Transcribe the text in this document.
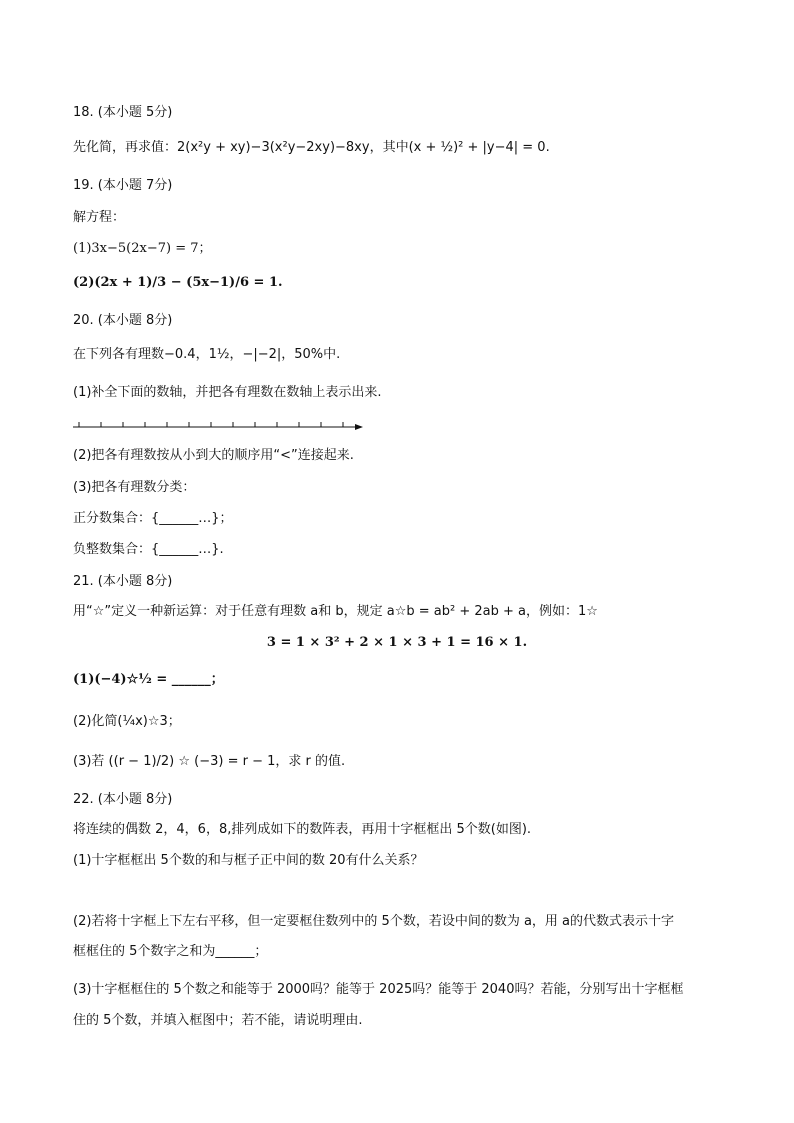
18. (本小题 5分)
先化简，再求值：2(x²y + xy)−3(x²y−2xy)−8xy，其中(x + ½)² + |y−4| = 0.
19. (本小题 7分)
解方程：
(1)3x−5(2x−7) = 7；
(2)(2x + 1)/3 − (5x−1)/6 = 1.
20. (本小题 8分)
在下列各有理数−0.4，1½，−|−2|，50%中.
(1)补全下面的数轴，并把各有理数在数轴上表示出来.
(2)把各有理数按从小到大的顺序用“<”连接起来.
(3)把各有理数分类：
正分数集合：{______…}；
负整数集合：{______…}.
21. (本小题 8分)
用“☆”定义一种新运算：对于任意有理数 a和 b，规定 a☆b = ab² + 2ab + a，例如：1☆
3 = 1 × 3² + 2 × 1 × 3 + 1 = 16 × 1.
(1)(−4)☆½ = ______；
(2)化简(¼x)☆3；
(3)若 ((r − 1)/2) ☆ (−3) = r − 1，求 r 的值.
22. (本小题 8分)
将连续的偶数 2，4，6，8,排列成如下的数阵表，再用十字框框出 5个数(如图).
(1)十字框框出 5个数的和与框子正中间的数 20有什么关系？
(2)若将十字框上下左右平移，但一定要框住数列中的 5个数，若设中间的数为 a，用 a的代数式表示十字
框框住的 5个数字之和为______；
(3)十字框框住的 5个数之和能等于 2000吗？能等于 2025吗？能等于 2040吗？若能，分别写出十字框框
住的 5个数，并填入框图中；若不能，请说明理由.
